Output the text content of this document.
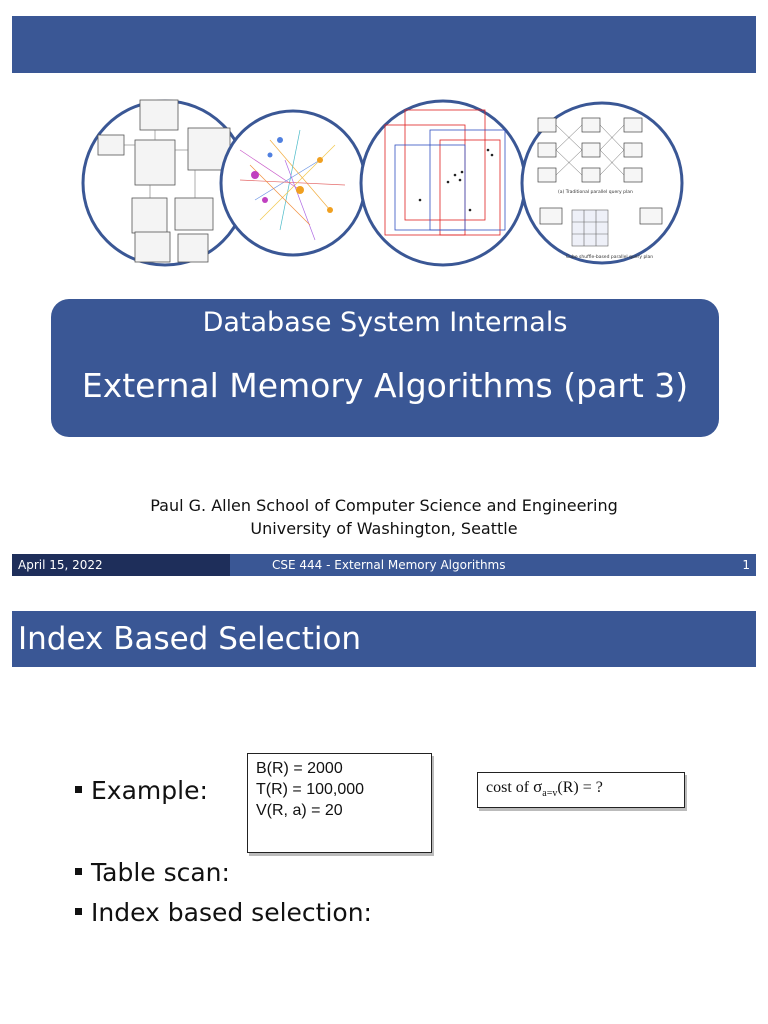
(a) Traditional parallel query plan
Cube shuffle-based parallel query plan
Database System Internals
External Memory Algorithms (part 3)
Paul G. Allen School of Computer Science and Engineering
University of Washington, Seattle
April 15, 2022	CSE 444 - External Memory Algorithms	1
Index Based Selection
Example:
Table scan:
Index based selection:
B(R) = 2000
T(R) = 100,000
V(R, a) = 20
cost of $\sigma_{a=v}(R)$ = ?
